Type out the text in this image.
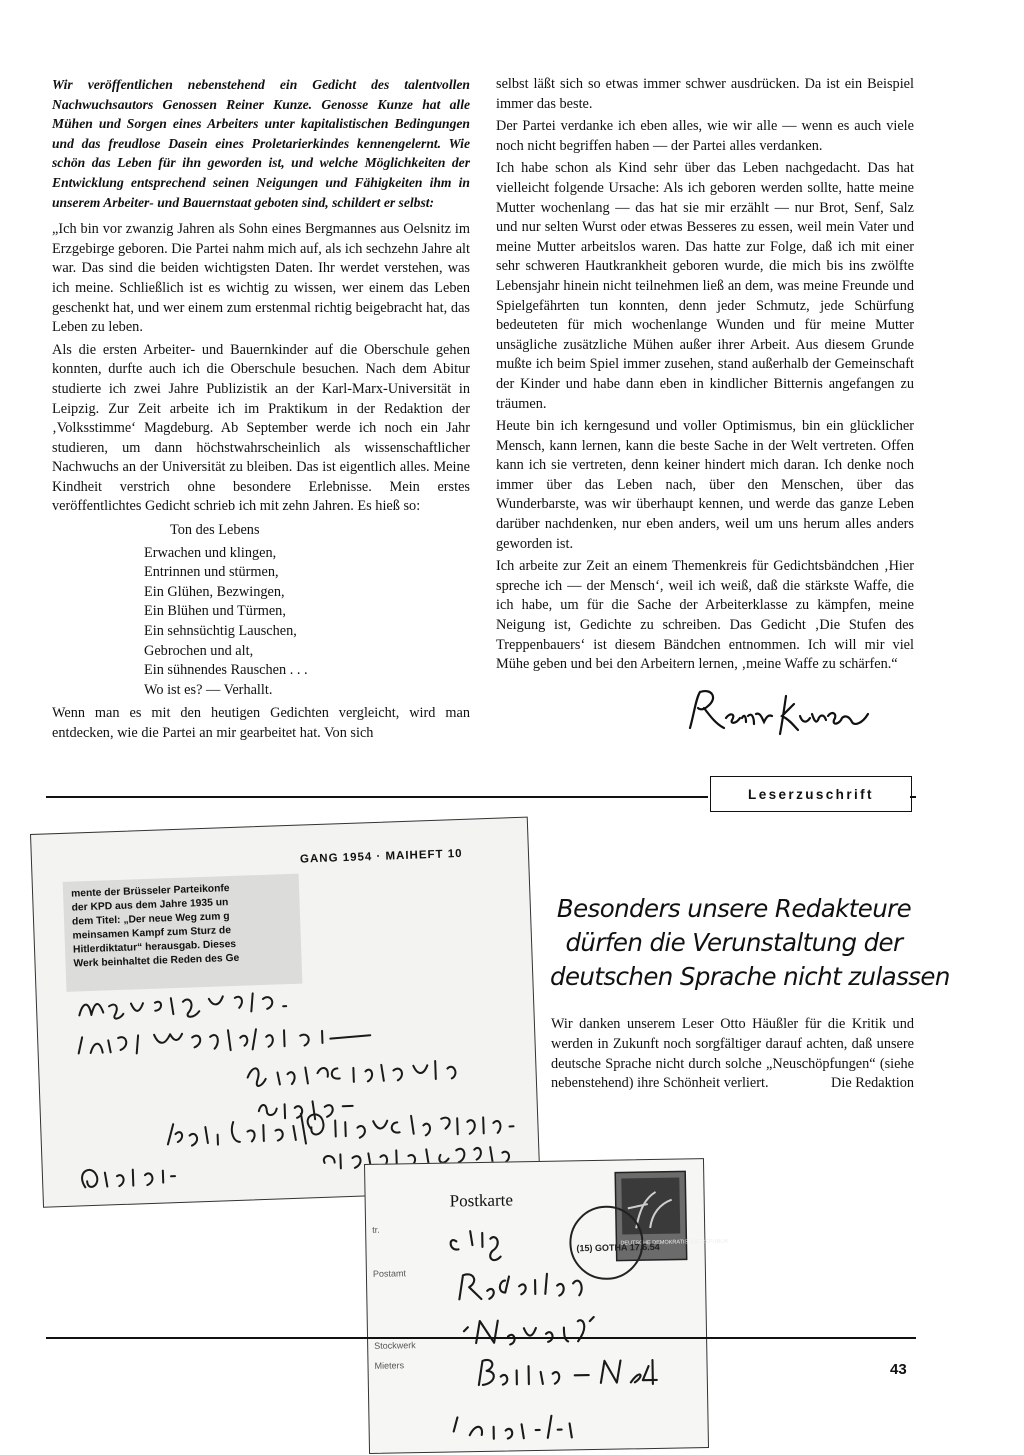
Wir veröffentlichen nebenstehend ein Gedicht des talentvollen Nachwuchsautors Genossen Reiner Kunze. Genosse Kunze hat alle Mühen und Sorgen eines Arbeiters unter kapitalistischen Bedingungen und das freudlose Dasein eines Proletarierkindes kennengelernt. Wie schön das Leben für ihn geworden ist, und welche Möglichkeiten der Entwicklung entsprechend seinen Neigungen und Fähigkeiten ihm in unserem Arbeiter- und Bauernstaat geboten sind, schildert er selbst:

„Ich bin vor zwanzig Jahren als Sohn eines Bergmannes aus Oelsnitz im Erzgebirge geboren. Die Partei nahm mich auf, als ich sechzehn Jahre alt war. Das sind die beiden wichtigsten Daten. Ihr werdet verstehen, was ich meine. Schließlich ist es wichtig zu wissen, wer einem das Leben geschenkt hat, und wer einem zum erstenmal richtig beigebracht hat, das Leben zu leben.

Als die ersten Arbeiter- und Bauernkinder auf die Oberschule gehen konnten, durfte auch ich die Oberschule besuchen. Nach dem Abitur studierte ich zwei Jahre Publizistik an der Karl-Marx-Universität in Leipzig. Zur Zeit arbeite ich im Praktikum in der Redaktion der ‚Volksstimme‘ Magdeburg. Ab September werde ich noch ein Jahr studieren, um dann höchstwahrscheinlich als wissenschaftlicher Nachwuchs an der Universität zu bleiben. Das ist eigentlich alles. Meine Kindheit verstrich ohne besondere Erlebnisse. Mein erstes veröffentlichtes Gedicht schrieb ich mit zehn Jahren. Es hieß so:

Ton des Lebens
Erwachen und klingen,
Entrinnen und stürmen,
Ein Glühen, Bezwingen,
Ein Blühen und Türmen,
Ein sehnsüchtig Lauschen,
Gebrochen und alt,
Ein sühnendes Rauschen . . .
Wo ist es? — Verhallt.

Wenn man es mit den heutigen Gedichten vergleicht, wird man entdecken, wie die Partei an mir gearbeitet hat. Von sich

selbst läßt sich so etwas immer schwer ausdrücken. Da ist ein Beispiel immer das beste.

Der Partei verdanke ich eben alles, wie wir alle — wenn es auch viele noch nicht begriffen haben — der Partei alles verdanken.

Ich habe schon als Kind sehr über das Leben nachgedacht. Das hat vielleicht folgende Ursache: Als ich geboren werden sollte, hatte meine Mutter wochenlang — das hat sie mir erzählt — nur Brot, Senf, Salz und nur selten Wurst oder etwas Besseres zu essen, weil mein Vater und meine Mutter arbeitslos waren. Das hatte zur Folge, daß ich mit einer sehr schweren Hautkrankheit geboren wurde, die mich bis ins zwölfte Lebensjahr hinein nicht teilnehmen ließ an dem, was meine Freunde und Spielgefährten tun konnten, denn jeder Schmutz, jede Schürfung bedeuteten für mich wochenlange Wunden und für meine Mutter unsägliche zusätzliche Mühen außer ihrer Arbeit. Aus diesem Grunde mußte ich beim Spiel immer zusehen, stand außerhalb der Gemeinschaft der Kinder und habe dann eben in kindlicher Bitternis angefangen zu träumen.

Heute bin ich kerngesund und voller Optimismus, bin ein glücklicher Mensch, kann lernen, kann die beste Sache in der Welt vertreten. Offen kann ich sie vertreten, denn keiner hindert mich daran. Ich denke noch immer über das Leben nach, über den Menschen, über das Wunderbarste, was wir überhaupt kennen, und werde das ganze Leben darüber nachdenken, nur eben anders, weil um uns herum alles anders geworden ist.

Ich arbeite zur Zeit an einem Themenkreis für Gedichtsbändchen ‚Hier spreche ich — der Mensch‘, weil ich weiß, daß die stärkste Waffe, die ich habe, um für die Sache der Arbeiterklasse zu kämpfen, meine Neigung ist, Gedichte zu schreiben. Das Gedicht ‚Die Stufen des Treppenbauers‘ ist diesem Bändchen entnommen. Ich will mir viel Mühe geben und bei den Arbeitern lernen, ‚meine Waffe zu schärfen.“

Leserzuschrift
GANG 1954 · MAIHEFT 10
mente der Brüsseler Parteikonfe
der KPD aus dem Jahre 1935 un
dem Titel: „Der neue Weg zum g
meinsamen Kampf zum Sturz de
Hitlerdiktatur“ herausgab. Dieses
Werk beinhaltet die Reden des Ge
Postkarte
tr.
Postamt
Stockwerk
Mieters
DEUTSCHE DEMOKRATISCHE REPUBLIK
(15) GOTHA 17.6.54
Besonders unsere Redakteure
dürfen die Verunstaltung der
deutschen Sprache nicht zulassen
Wir danken unserem Leser Otto Häußler für die Kritik und werden in Zukunft noch sorgfältiger darauf achten, daß unsere deutsche Sprache nicht durch solche „Neuschöpfungen“ (siehe nebenstehend) ihre Schönheit verliert.	Die Redaktion
43
